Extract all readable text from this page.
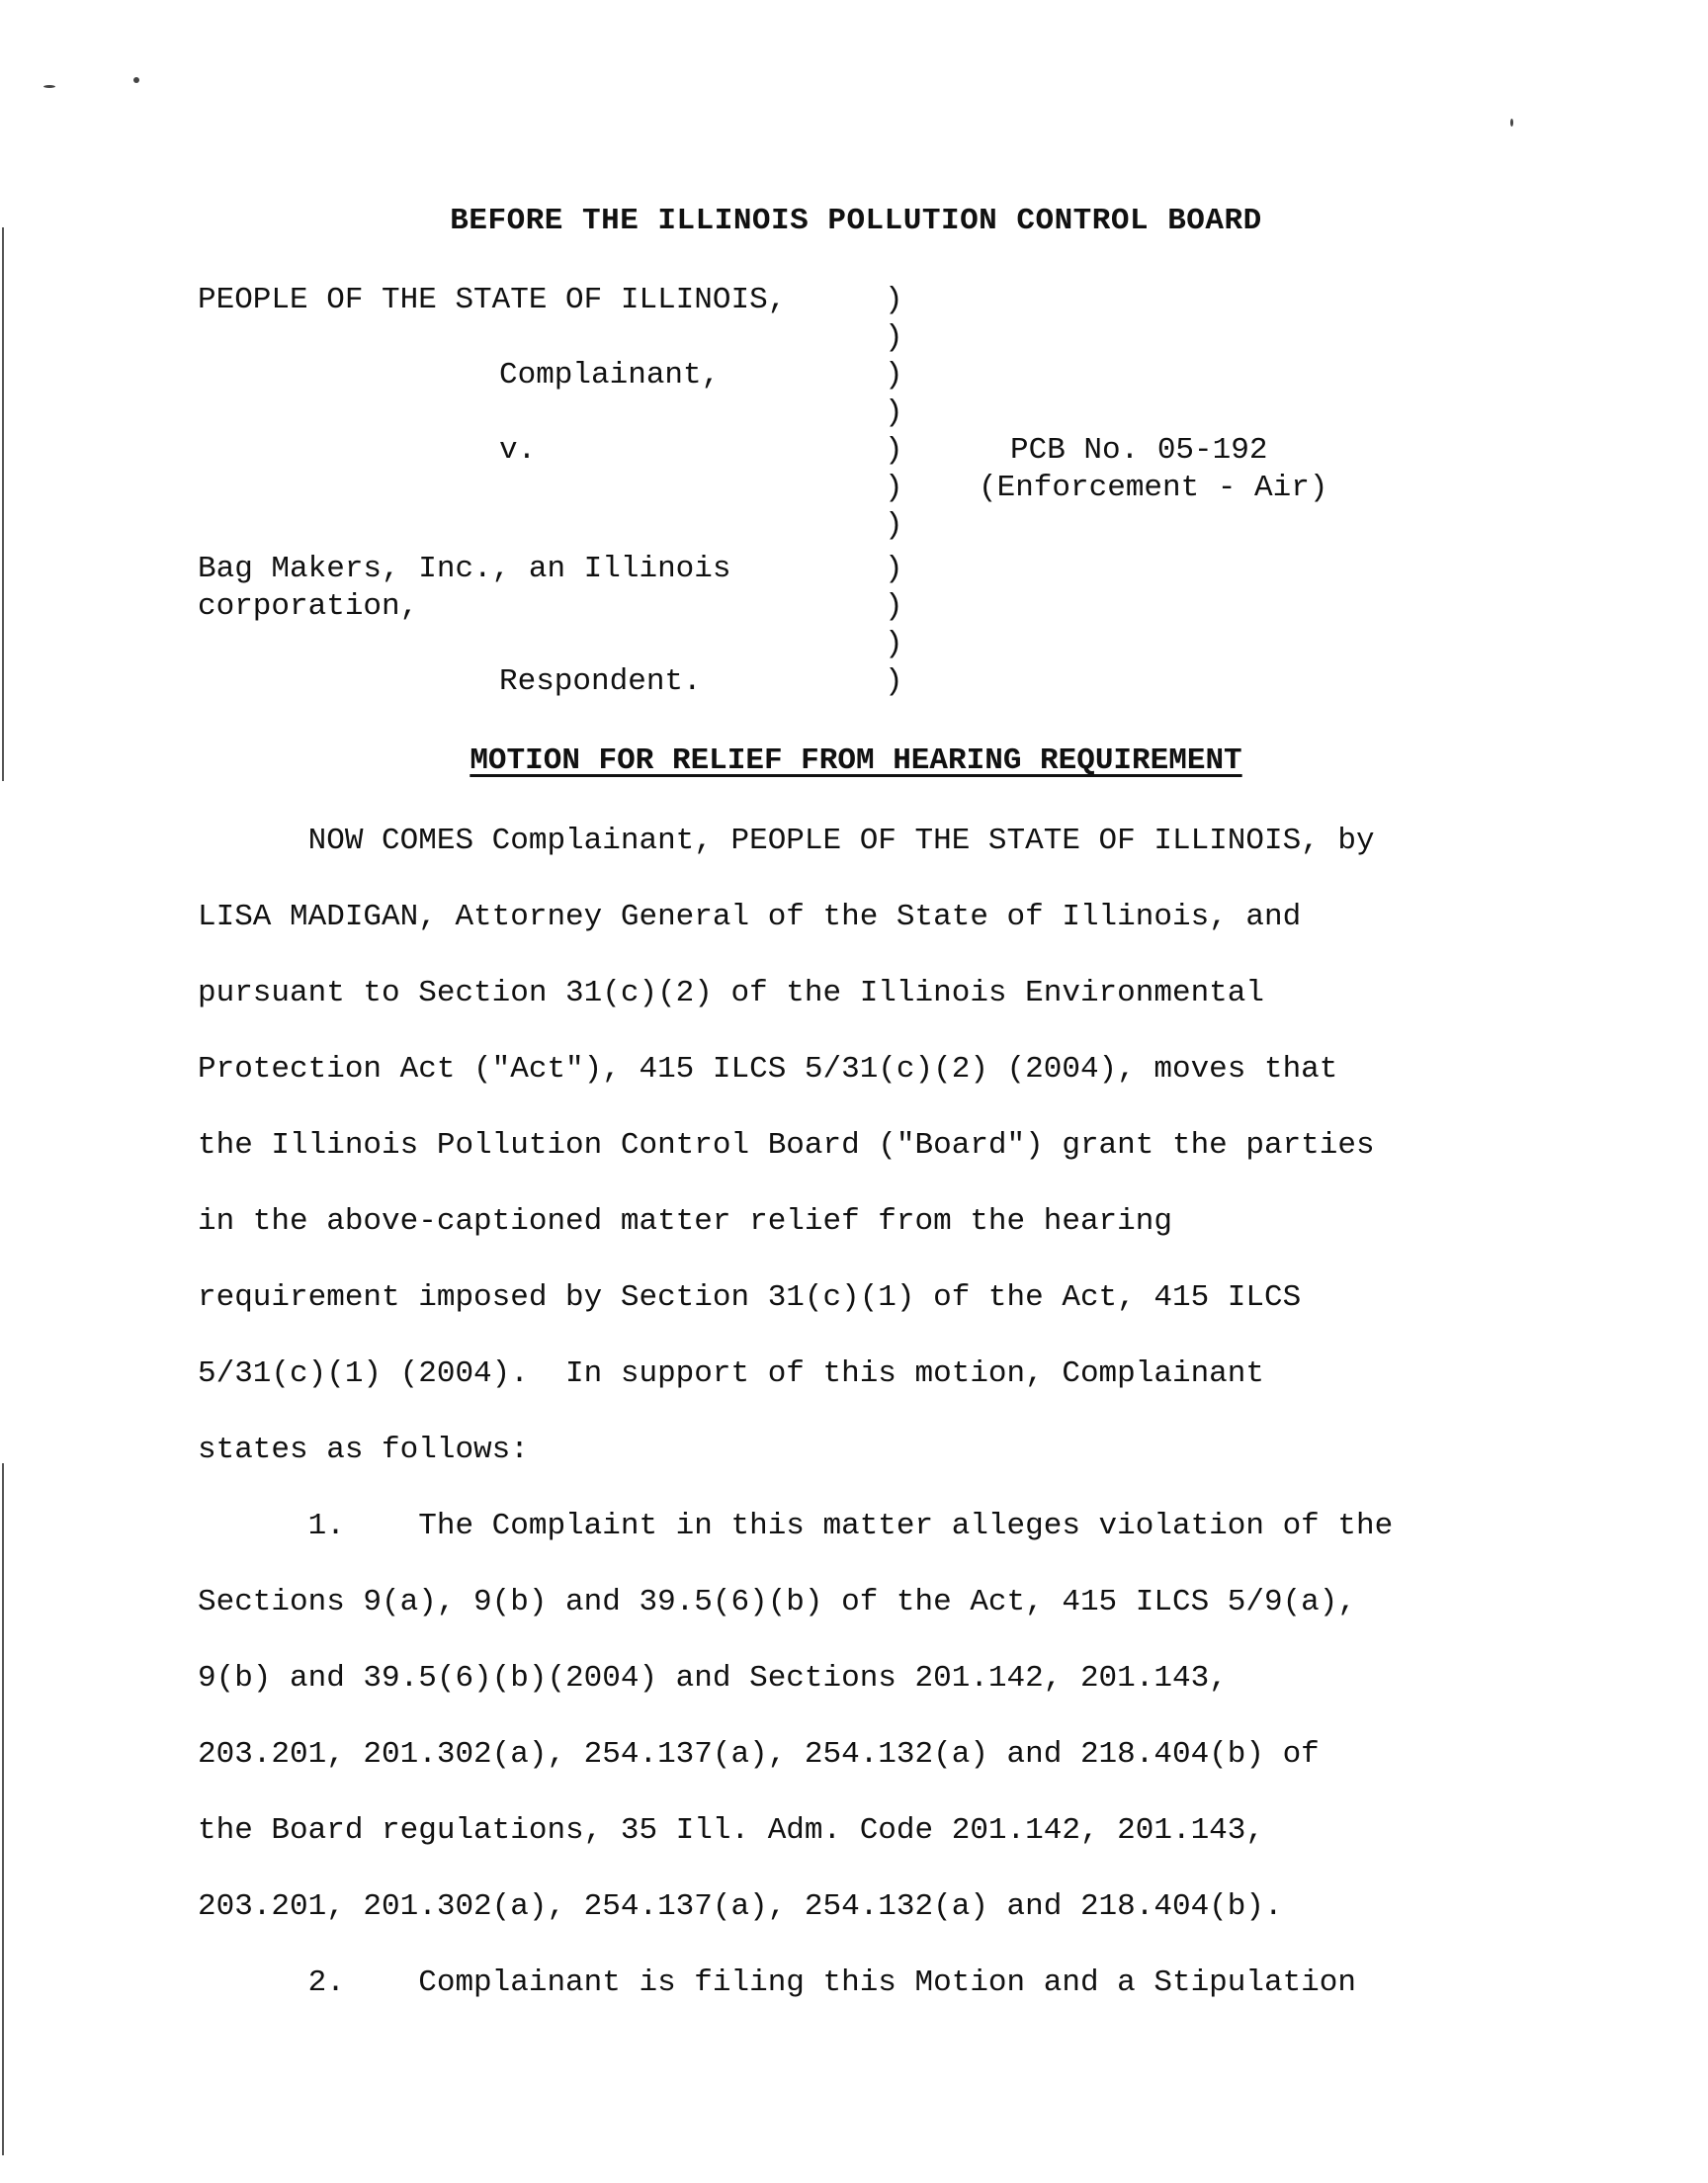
BEFORE THE ILLINOIS POLLUTION CONTROL BOARD
PEOPLE OF THE STATE OF ILLINOIS,
Complainant,
v.
Bag Makers, Inc., an Illinois
corporation,
Respondent.
)
)
)
)
)
)
)
)
)
)
)
PCB No. 05-192
(Enforcement - Air)
MOTION FOR RELIEF FROM HEARING REQUIREMENT
NOW COMES Complainant, PEOPLE OF THE STATE OF ILLINOIS, by
LISA MADIGAN, Attorney General of the State of Illinois, and
pursuant to Section 31(c)(2) of the Illinois Environmental
Protection Act ("Act"), 415 ILCS 5/31(c)(2) (2004), moves that
the Illinois Pollution Control Board ("Board") grant the parties
in the above-captioned matter relief from the hearing
requirement imposed by Section 31(c)(1) of the Act, 415 ILCS
5/31(c)(1) (2004).  In support of this motion, Complainant
states as follows:
1.    The Complaint in this matter alleges violation of the
Sections 9(a), 9(b) and 39.5(6)(b) of the Act, 415 ILCS 5/9(a),
9(b) and 39.5(6)(b)(2004) and Sections 201.142, 201.143,
203.201, 201.302(a), 254.137(a), 254.132(a) and 218.404(b) of
the Board regulations, 35 Ill. Adm. Code 201.142, 201.143,
203.201, 201.302(a), 254.137(a), 254.132(a) and 218.404(b).
2.    Complainant is filing this Motion and a Stipulation
